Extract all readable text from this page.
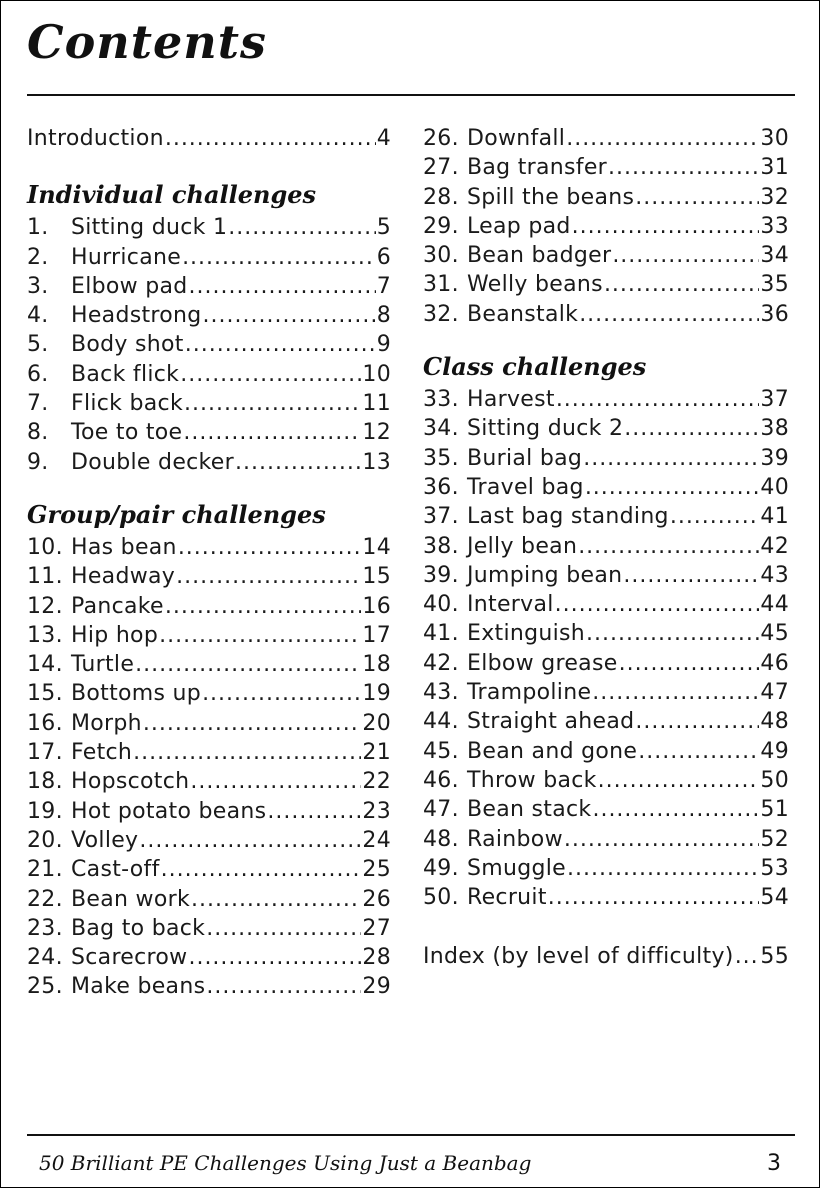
Contents
Introduction .....	4
Individual challenges
1.	Sitting duck 1 .....	5
2.	Hurricane .....	6
3.	Elbow pad .....	7
4.	Headstrong .....	8
5.	Body shot .....	9
6.	Back flick .....	10
7.	Flick back .....	11
8.	Toe to toe .....	12
9.	Double decker .....	13
Group/pair challenges
10. Has bean .....	14
11. Headway .....	15
12. Pancake .....	16
13. Hip hop .....	17
14. Turtle .....	18
15. Bottoms up .....	19
16. Morph .....	20
17. Fetch .....	21
18. Hopscotch .....	22
19. Hot potato beans .....	23
20. Volley .....	24
21. Cast-off .....	25
22. Bean work .....	26
23. Bag to back .....	27
24. Scarecrow .....	28
25. Make beans .....	29
26. Downfall .....	30
27. Bag transfer .....	31
28. Spill the beans .....	32
29. Leap pad .....	33
30. Bean badger .....	34
31. Welly beans .....	35
32. Beanstalk .....	36
Class challenges
33. Harvest .....	37
34. Sitting duck 2 .....	38
35. Burial bag .....	39
36. Travel bag .....	40
37. Last bag standing .....	41
38. Jelly bean .....	42
39. Jumping bean .....	43
40. Interval .....	44
41. Extinguish .....	45
42. Elbow grease .....	46
43. Trampoline .....	47
44. Straight ahead .....	48
45. Bean and gone .....	49
46. Throw back .....	50
47. Bean stack .....	51
48. Rainbow .....	52
49. Smuggle .....	53
50. Recruit .....	54
Index (by level of difficulty) ..... 55
50 Brilliant PE Challenges Using Just a Beanbag	3
